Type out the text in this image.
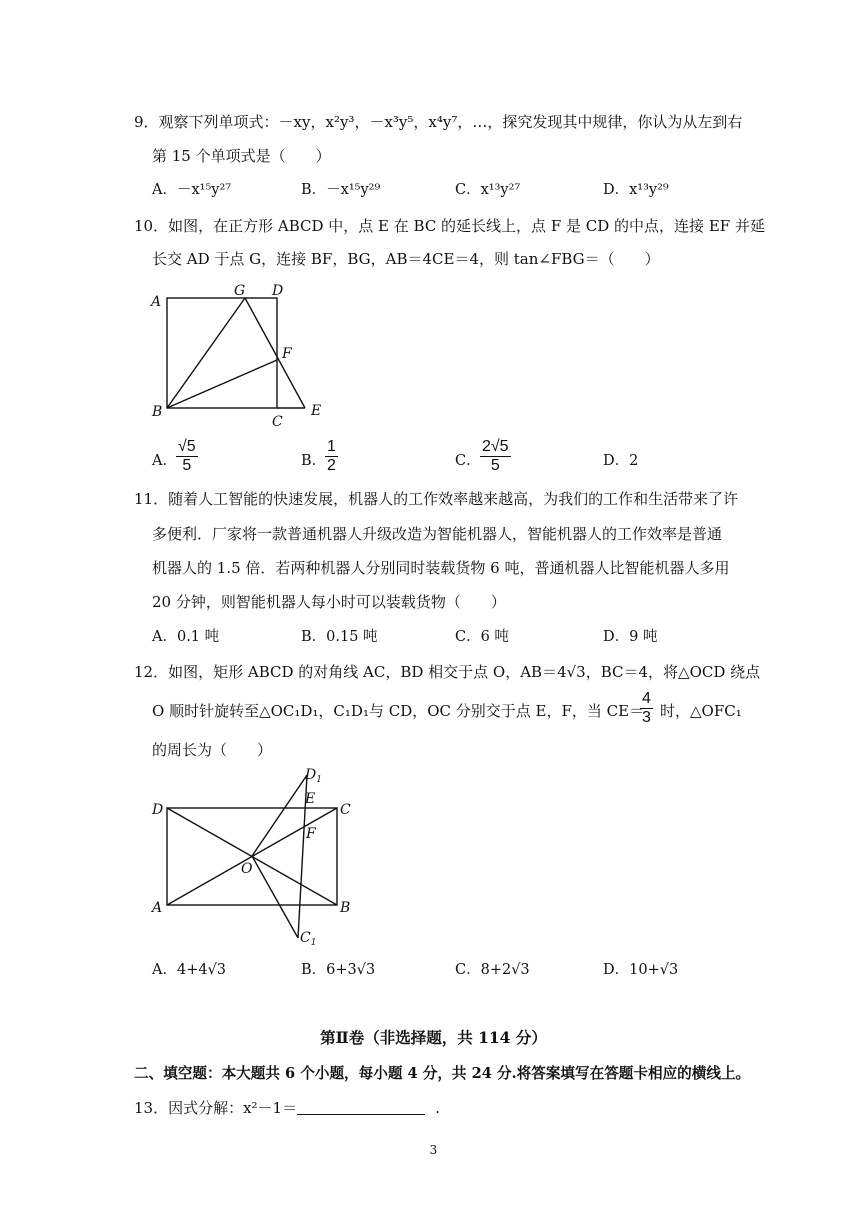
9．观察下列单项式：－xy，x²y³，－x³y⁵，x⁴y⁷，…，探究发现其中规律，你认为从左到右
第 15 个单项式是（　　）
A．－x¹⁵y²⁷	B．－x¹⁵y²⁹	C．x¹³y²⁷	D．x¹³y²⁹
10．如图，在正方形 ABCD 中，点 E 在 BC 的延长线上，点 F 是 CD 的中点，连接 EF 并延
长交 AD 于点 G，连接 BF，BG，AB＝4CE＝4，则 tan∠FBG＝（　　）
A
G D
F
B
C
E
A． $\frac{√5}{5}$	B．
$\frac{1}{2}$	C． $\frac{2√5}{5}$	D．2
11．随着人工智能的快速发展，机器人的工作效率越来越高，为我们的工作和生活带来了许
多便利．厂家将一款普通机器人升级改造为智能机器人，智能机器人的工作效率是普通
机器人的 1.5 倍．若两种机器人分别同时装载货物 6 吨，普通机器人比智能机器人多用
20 分钟，则智能机器人每小时可以装载货物（　　）
A．0.1 吨	B．0.15 吨	C．6 吨	D．9 吨
12．如图，矩形 ABCD 的对角线 AC，BD 相交于点 O，AB＝4√3，BC＝4，将△OCD 绕点
O 顺时针旋转至△OC₁D₁，C₁D₁与 CD，OC 分别交于点 E，F，当 CE＝
$\frac{4}{3}$ 时，△OFC₁
的周长为（　　）
$D_1$
D
E
C
F
O
A	B
$C_1$
A．4+4√3	B．6+3√3	C．8+2√3	D．10+√3
第Ⅱ卷（非选择题，共 114 分）
二、填空题：本大题共 6 个小题，每小题 4 分，共 24 分.将答案填写在答题卡相应的横线上。
13．因式分解：x²－1＝	.
3
